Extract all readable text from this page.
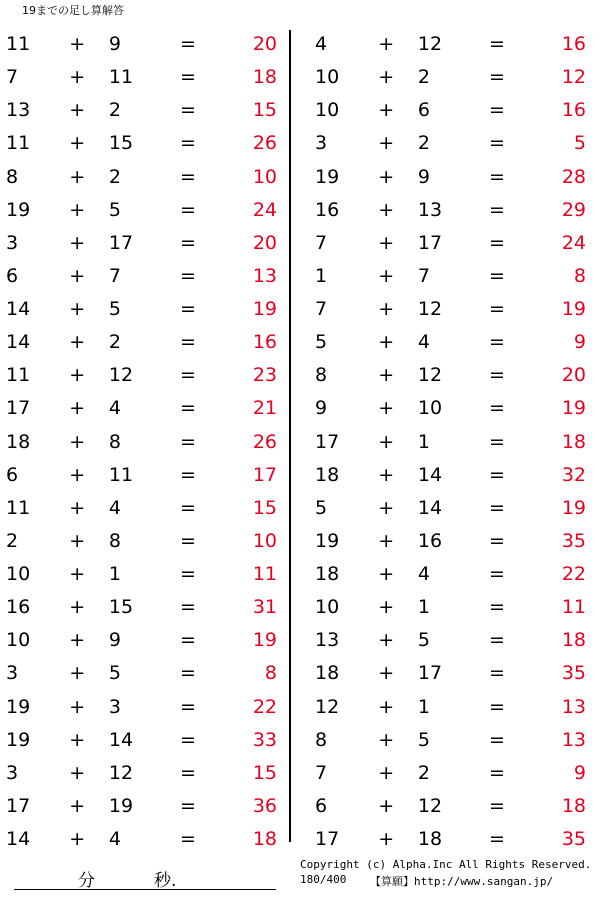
19までの足し算解答
11	+	9	=	20
7	+	11	=	18
13	+	2	=	15
11	+	15	=	26
8	+	2	=	10
19	+	5	=	24
3	+	17	=	20
6	+	7	=	13
14	+	5	=	19
14	+	2	=	16
11	+	12	=	23
17	+	4	=	21
18	+	8	=	26
6	+	11	=	17
11	+	4	=	15
2	+	8	=	10
10	+	1	=	11
16	+	15	=	31
10	+	9	=	19
3	+	5	=	8
19	+	3	=	22
19	+	14	=	33
3	+	12	=	15
17	+	19	=	36
14	+	4	=	18
4	+	12	=	16
10	+	2	=	12
10	+	6	=	16
3	+	2	=	5
19	+	9	=	28
16	+	13	=	29
7	+	17	=	24
1	+	7	=	8
7	+	12	=	19
5	+	4	=	9
8	+	12	=	20
9	+	10	=	19
17	+	1	=	18
18	+	14	=	32
5	+	14	=	19
19	+	16	=	35
18	+	4	=	22
10	+	1	=	11
13	+	5	=	18
18	+	17	=	35
12	+	1	=	13
8	+	5	=	13
7	+	2	=	9
6	+	12	=	18
17	+	18	=	35
分	秒.
Copyright (c) Alpha.Inc All Rights Reserved.
180/400 【算願】http://www.sangan.jp/
